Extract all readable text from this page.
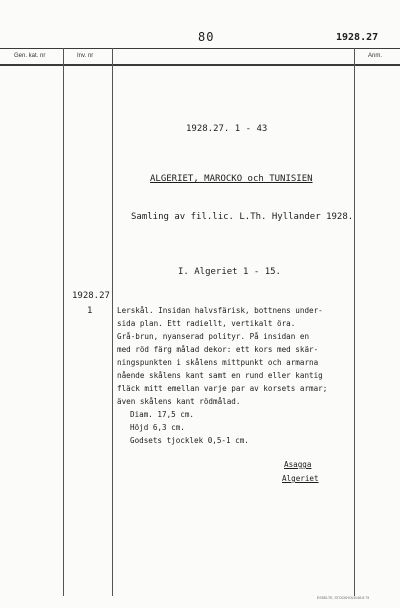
80	1928.27
Gen. kat. nr	Inv. nr	Anm.
1928.27. 1 - 43
ALGERIET, MAROCKO och TUNISIEN
Samling av fil.lic. L.Th. Hyllander 1928.
I. Algeriet 1 - 15.
1928.27
1	Lerskål. Insidan halvsfärisk, bottnens under-
sida plan. Ett radiellt, vertikalt öra.
Grå-brun, nyanserad polityr. På insidan en
med röd färg målad dekor: ett kors med skär-
ningspunkten i skålens mittpunkt och armarna
nående skålens kant samt en rund eller kantig
fläck mitt emellan varje par av korsets armar;
även skålens kant rödmålad.
Diam. 17,5 cm.
Höjd 6,3 cm.
Godsets tjocklek 0,5-1 cm.
Asagga
Algeriet
ESSELTE, STOCKHOLM 66 8 79
